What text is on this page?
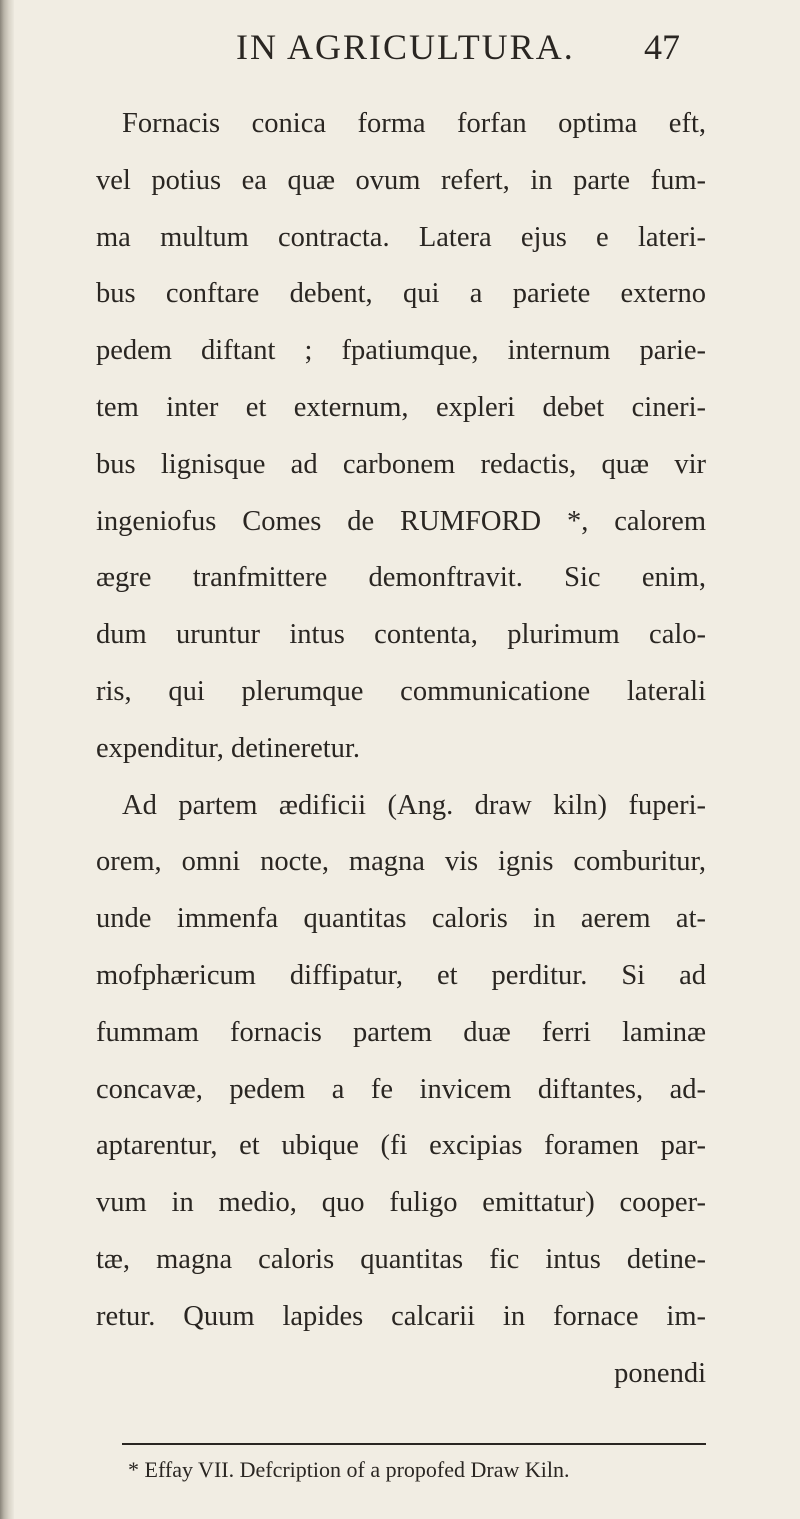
IN AGRICULTURA. 47
Fornacis conica forma forfan optima eft,
vel potius ea quæ ovum refert, in parte fum-
ma multum contracta. Latera ejus e lateri-
bus conftare debent, qui a pariete externo
pedem diftant ; fpatiumque, internum parie-
tem inter et externum, expleri debet cineri-
bus lignisque ad carbonem redactis, quæ vir
ingeniofus Comes de RUMFORD *, calorem
ægre tranfmittere demonftravit. Sic enim,
dum uruntur intus contenta, plurimum calo-
ris, qui plerumque communicatione laterali
expenditur, detineretur.
Ad partem ædificii (Ang. draw kiln) fuperi-
orem, omni nocte, magna vis ignis comburitur,
unde immenfa quantitas caloris in aerem at-
mofphæricum diffipatur, et perditur. Si ad
fummam fornacis partem duæ ferri laminæ
concavæ, pedem a fe invicem diftantes, ad-
aptarentur, et ubique (fi excipias foramen par-
vum in medio, quo fuligo emittatur) cooper-
tæ, magna caloris quantitas fic intus detine-
retur. Quum lapides calcarii in fornace im-
ponendi
* Effay VII. Defcription of a propofed Draw Kiln.
